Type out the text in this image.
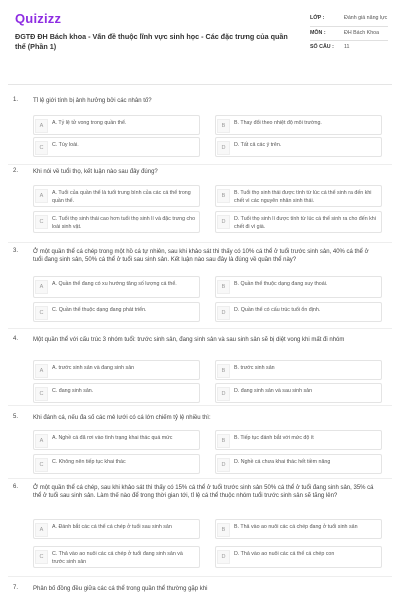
Quizizz
ĐGTĐ ĐH Bách khoa - Vấn đề thuộc lĩnh vực sinh học - Các đặc trưng của quần thể (Phần 1)
LỚP :	Đánh giá năng lực
MÔN :	ĐH Bách Khoa
SỐ CÂU :	11
1. Tỉ lệ giới tính bị ảnh hưởng bởi các nhân tố?
A	A. Tỷ lệ tử vong trong quần thể.	B	B. Thay đổi theo nhiệt độ môi trường.
C	C. Tùy loài.	D	D. Tất cả các ý trên.
2. Khi nói về tuổi thọ, kết luận nào sau đây đúng?
A	A. Tuổi của quần thể là tuổi trung bình của các cá thể trong quần thể.
B	B. Tuổi thọ sinh thái được tính từ lúc cá thể sinh ra đến khi chết vì các nguyên nhân sinh thái.
C	C. Tuổi thọ sinh thái cao hơn tuổi thọ sinh lí và đặc trưng cho loài sinh vật.
D	D. Tuổi thọ sinh lí được tính từ lúc cá thể sinh ra cho đến khi chết đi vì già.
3. Ở một quần thể cá chép trong một hồ cá tự nhiên, sau khi khảo sát thì thấy có 10% cá thể ở tuổi trước sinh sản, 40% cá thể ở tuổi đang sinh sản, 50% cá thể ở tuổi sau sinh sản. Kết luận nào sau đây là đúng về quần thể này?
A	A. Quần thể đang có xu hướng tăng số lượng cá thể.	B	B. Quần thể thuộc dạng đang suy thoái.
C	C. Quần thể thuộc dạng đang phát triển.	D	D. Quần thể có cấu trúc tuổi ổn định.
4. Một quần thể với cấu trúc 3 nhóm tuổi: trước sinh sản, đang sinh sản và sau sinh sản sẽ bị diệt vong khi mất đi nhóm
A	A. trước sinh sản và đang sinh sản	B	B. trước sinh sản
C	C. đang sinh sản.	D	D. đang sinh sản và sau sinh sản
5. Khi đánh cá, nếu đa số các mẻ lưới có cá lớn chiếm tỷ lệ nhiều thì:
A	A. Nghề cá đã rơi vào tình trạng khai thác quá mức	B	B. Tiếp tục đánh bắt với mức độ ít
C	C. Không nên tiếp tục khai thác	D	D. Nghề cá chưa khai thác hết tiềm năng
6. Ở một quần thể cá chép, sau khi khảo sát thì thấy có 15% cá thể ở tuổi trước sinh sản 50% cá thể ở tuổi đang sinh sản, 35% cá thể ở tuổi sau sinh sản. Làm thế nào để trong thời gian tới, tỉ lệ cá thể thuộc nhóm tuổi trước sinh sản sẽ tăng lên?
A	A. Đánh bắt các cá thể cá chép ở tuổi sau sinh sản	B	B. Thả vào ao nuôi các cá chép đang ở tuổi sinh sản
C	C. Thả vào ao nuôi các cá chép ở tuổi đang sinh sản và trước sinh sản
D	D. Thả vào ao nuôi các cá thể cá chép con
7. Phân bố đồng đều giữa các cá thể trong quần thể thường gặp khi
